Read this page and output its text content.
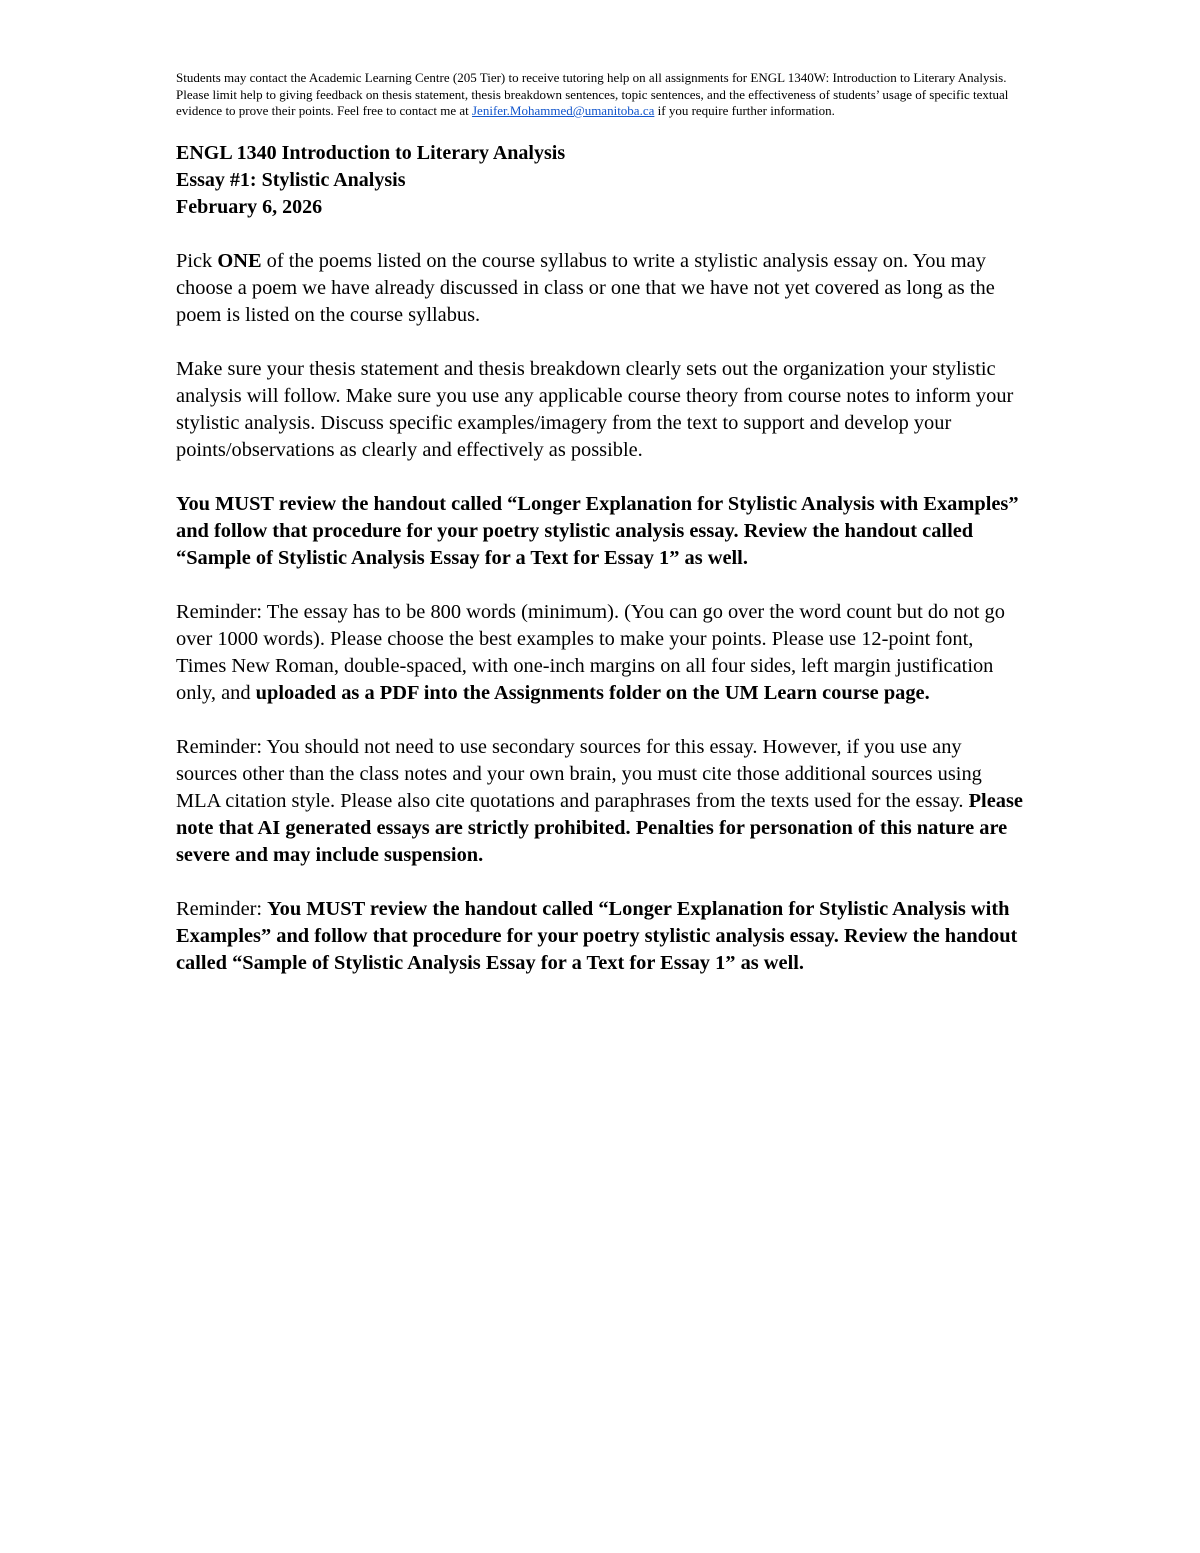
Students may contact the Academic Learning Centre (205 Tier) to receive tutoring help on all assignments for ENGL 1340W: Introduction to Literary Analysis.
Please limit help to giving feedback on thesis statement, thesis breakdown sentences, topic sentences, and the effectiveness of students’ usage of specific textual evidence to prove their points. Feel free to contact me at Jenifer.Mohammed@umanitoba.ca if you require further information.

ENGL 1340 Introduction to Literary Analysis

Essay #1: Stylistic Analysis

February 6, 2026

Pick ONE of the poems listed on the course syllabus to write a stylistic analysis essay on. You may choose a poem we have already discussed in class or one that we have not yet covered as long as the poem is listed on the course syllabus.

Make sure your thesis statement and thesis breakdown clearly sets out the organization your stylistic analysis will follow. Make sure you use any applicable course theory from course notes to inform your stylistic analysis. Discuss specific examples/imagery from the text to support and develop your points/observations as clearly and effectively as possible.

You MUST review the handout called “Longer Explanation for Stylistic Analysis with Examples” and follow that procedure for your poetry stylistic analysis essay. Review the handout called “Sample of Stylistic Analysis Essay for a Text for Essay 1” as well.

Reminder: The essay has to be 800 words (minimum). (You can go over the word count but do not go over 1000 words). Please choose the best examples to make your points. Please use 12-point font, Times New Roman, double-spaced, with one-inch margins on all four sides, left margin justification only, and uploaded as a PDF into the Assignments folder on the UM Learn course page.

Reminder: You should not need to use secondary sources for this essay. However, if you use any sources other than the class notes and your own brain, you must cite those additional sources using MLA citation style. Please also cite quotations and paraphrases from the texts used for the essay. Please note that AI generated essays are strictly prohibited. Penalties for personation of this nature are severe and may include suspension.

Reminder: You MUST review the handout called “Longer Explanation for Stylistic Analysis with Examples” and follow that procedure for your poetry stylistic analysis essay. Review the handout called “Sample of Stylistic Analysis Essay for a Text for Essay 1” as well.
